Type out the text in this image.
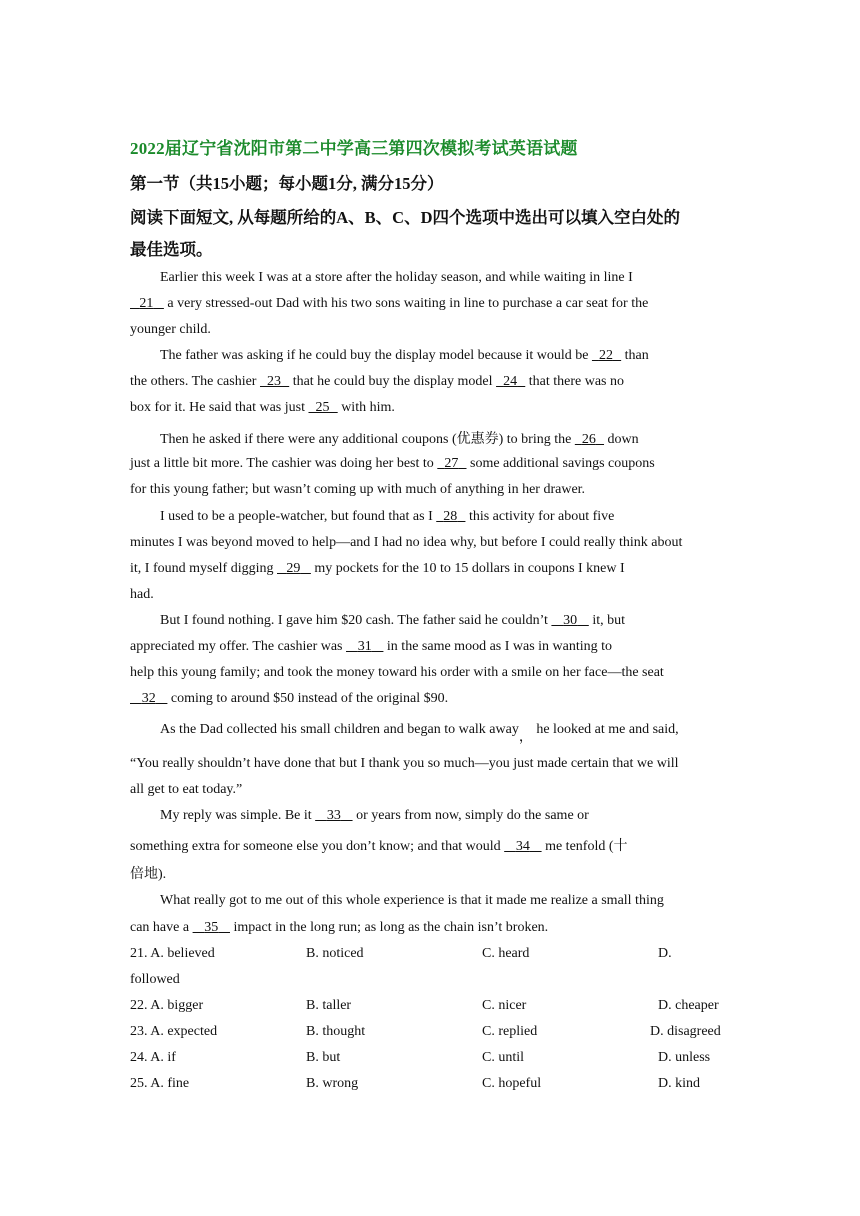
2022届辽宁省沈阳市第二中学高三第四次模拟考试英语试题
第一节（共15小题；每小题1分, 满分15分）
阅读下面短文, 从每题所给的A、B、C、D四个选项中选出可以填入空白处的
最佳选项。
Earlier this week I was at a store after the holiday season, and while waiting in line I
        21          a very stressed-out Dad with his two sons waiting in line to purchase a car seat for the
younger child.
The father was asking if he could buy the display model because it would be       22        than
the others. The cashier       23        that he could buy the display model       24        that there was no
box for it. He said that was just       25        with him.
Then he asked if there were any additional coupons (优惠券) to bring the       26        down
just a little bit more. The cashier was doing her best to       27        some additional savings coupons
for this young father; but wasn’t coming up with much of anything in her drawer.
I used to be a people-watcher, but found that as I       28        this activity for about five
minutes I was beyond moved to help—and I had no idea why, but before I could really think about
it, I found myself digging         29          my pockets for the 10 to 15 dollars in coupons I knew I
had.
But I found nothing. I gave him $20 cash. The father said he couldn’t           30           it, but
appreciated my offer. The cashier was           31           in the same mood as I was in wanting to
help this young family; and took the money toward his order with a smile on her face—the seat
          32           coming to around $50 instead of the original $90.
As the Dad collected his small children and began to walk away， he looked at me and said,
“You really shouldn’t have done that but I thank you so much—you just made certain that we will
all get to eat today.”
My reply was simple. Be it           33           or years from now, simply do the same or
something extra for someone else you don’t know; and that would           34           me tenfold (十
倍地).
What really got to me out of this whole experience is that it made me realize a small thing
can have a           35           impact in the long run; as long as the chain isn’t broken.
21. A. believed	B. noticed	C. heard	D.
followed
22. A. bigger	B. taller	C. nicer	D. cheaper
23. A. expected	B. thought	C. replied	D. disagreed
24. A. if	B. but	C. until	D. unless
25. A. fine	B. wrong	C. hopeful	D. kind
